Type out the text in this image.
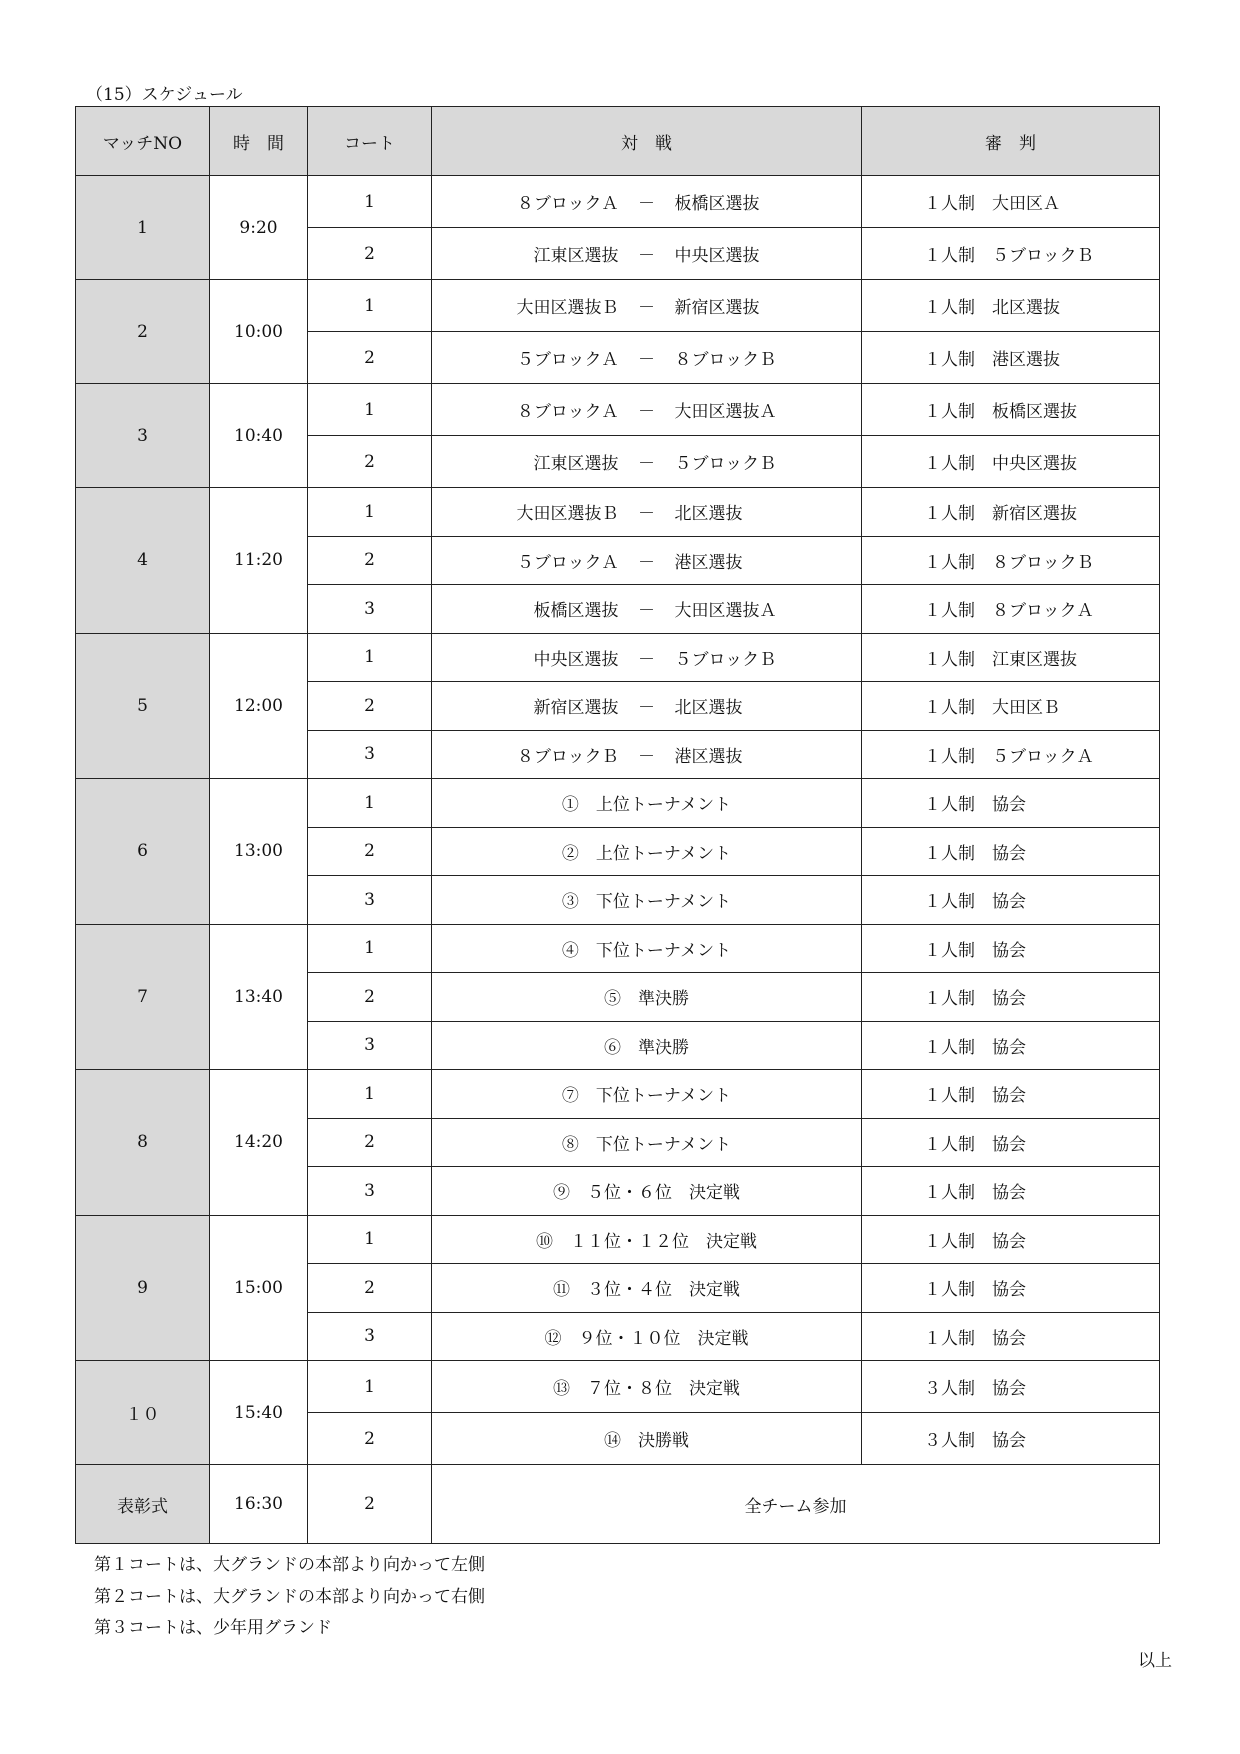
（15）スケジュール
マッチNO	時　間	コート	対　戦	審　判
1	9:20	1	８ブロックＡ － 板橋区選抜	１人制　大田区Ａ

		2	江東区選抜 － 中央区選抜	１人制　５ブロックＢ

2	10:00	1	大田区選抜Ｂ － 新宿区選抜	１人制　北区選抜

		2	５ブロックＡ － ８ブロックＢ	１人制　港区選抜

3	10:40	1	８ブロックＡ － 大田区選抜Ａ	１人制　板橋区選抜

		2	江東区選抜 － ５ブロックＢ	１人制　中央区選抜

4	11:20	1	大田区選抜Ｂ － 北区選抜	１人制　新宿区選抜

		2	５ブロックＡ － 港区選抜	１人制　８ブロックＢ

		3	板橋区選抜 － 大田区選抜Ａ	１人制　８ブロックＡ

5	12:00	1	中央区選抜 － ５ブロックＢ	１人制　江東区選抜

		2	新宿区選抜 － 北区選抜	１人制　大田区Ｂ

		3	８ブロックＢ － 港区選抜	１人制　５ブロックＡ

6	13:00	1	①　上位トーナメント	１人制　協会

		2	②　上位トーナメント	１人制　協会

		3	③　下位トーナメント	１人制　協会

7	13:40	1	④　下位トーナメント	１人制　協会

		2	⑤　準決勝	１人制　協会

		3	⑥　準決勝	１人制　協会

8	14:20	1	⑦　下位トーナメント	１人制　協会

		2	⑧　下位トーナメント	１人制　協会

		3	⑨　５位・６位　決定戦	１人制　協会

9	15:00	1	⑩　１１位・１２位　決定戦	１人制　協会

		2	⑪　３位・４位　決定戦	１人制　協会

		3	⑫　９位・１０位　決定戦	１人制　協会

１０	15:40	1	⑬　７位・８位　決定戦	３人制　協会

		2	⑭　決勝戦	３人制　協会

表彰式	16:30	2	全チーム参加	
第１コートは、大グランドの本部より向かって左側
第２コートは、大グランドの本部より向かって右側
第３コートは、少年用グランド
以上
